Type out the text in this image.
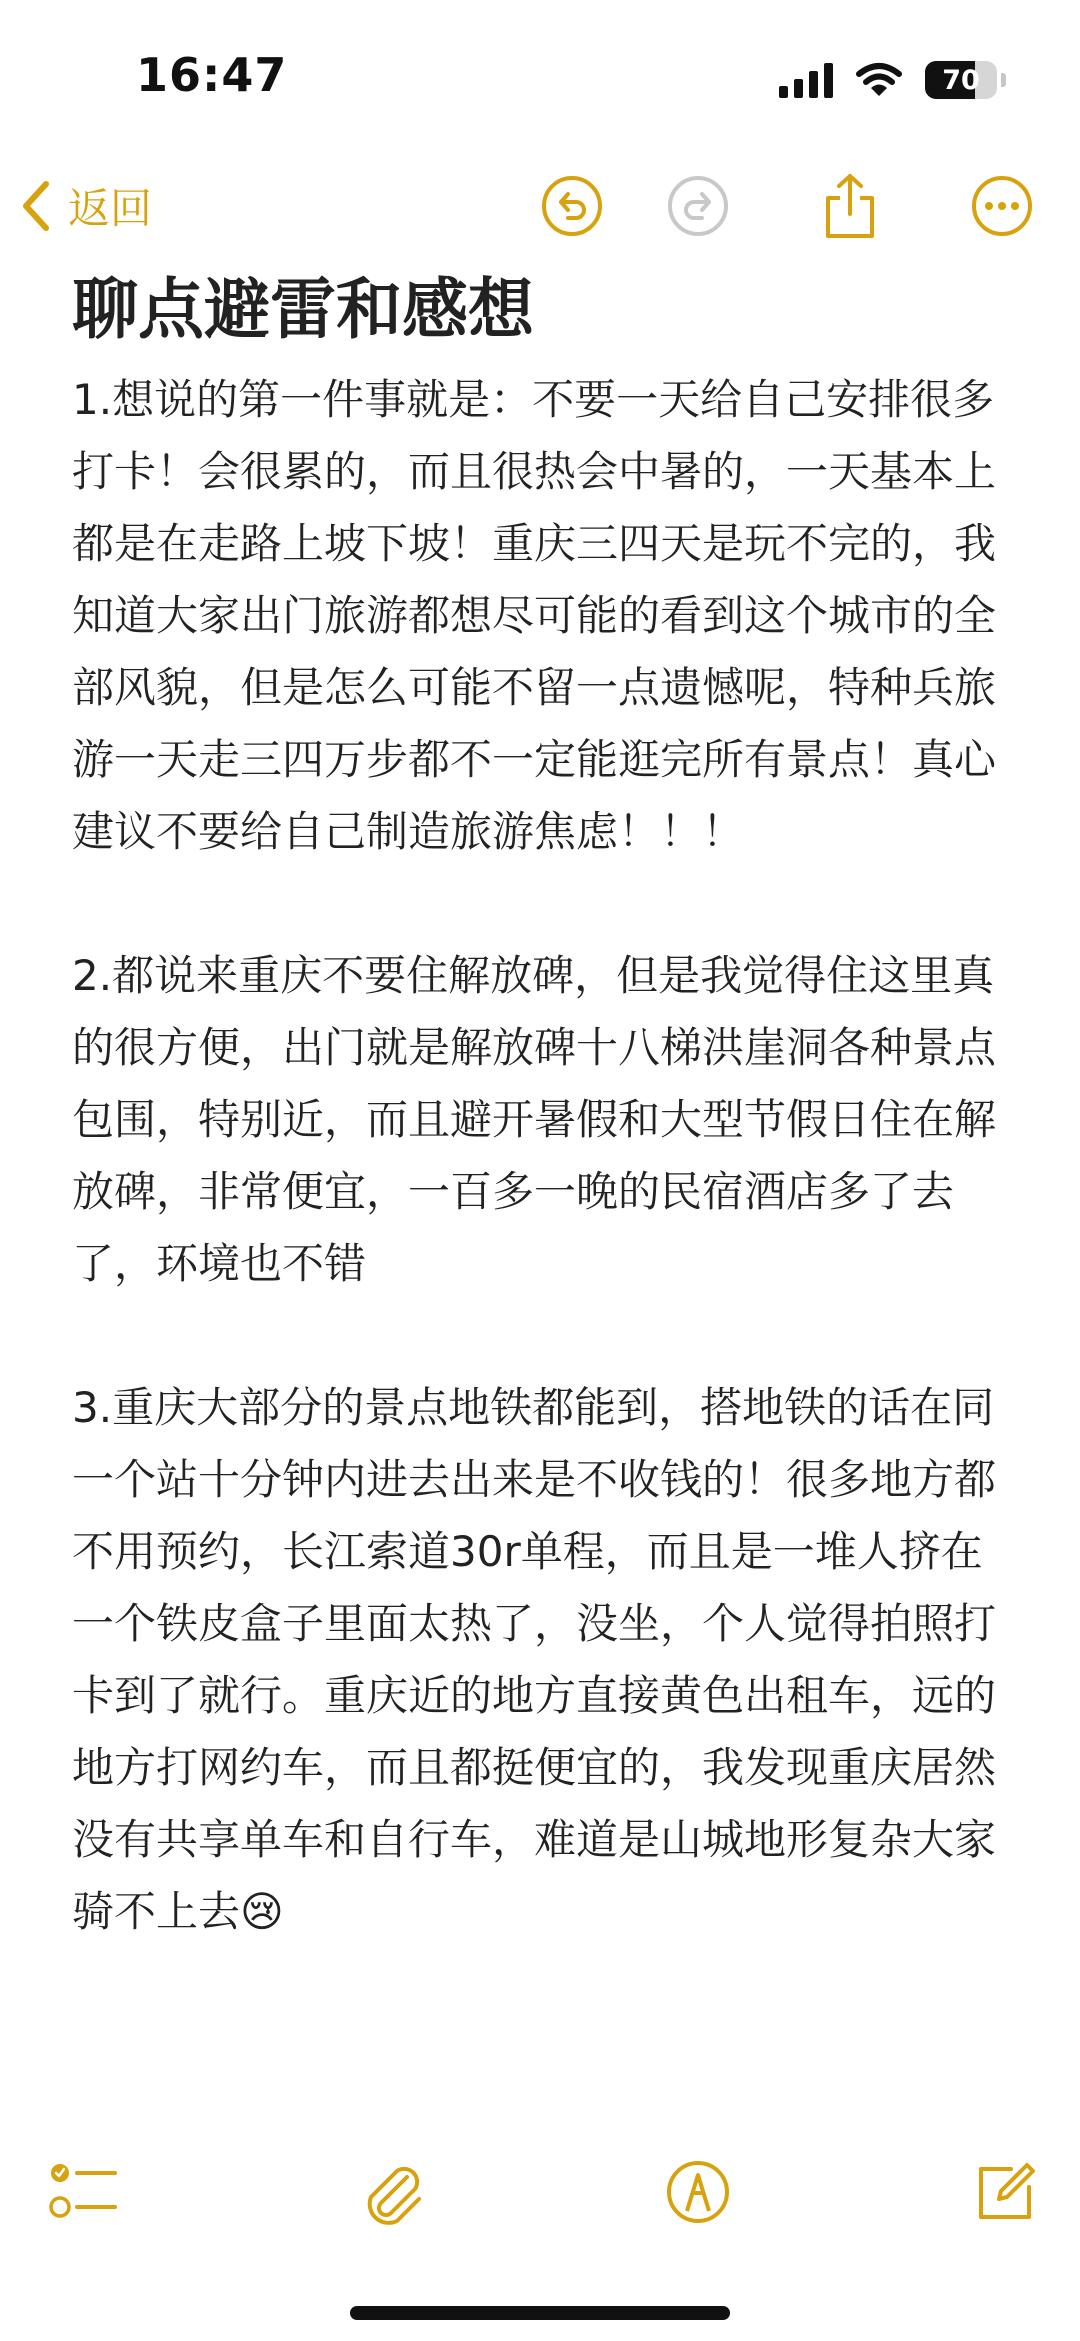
16:47	70
返回
聊点避雷和感想

1.想说的第一件事就是：不要一天给自己安排很多打卡！会很累的，而且很热会中暑的，一天基本上都是在走路上坡下坡！重庆三四天是玩不完的，我知道大家出门旅游都想尽可能的看到这个城市的全部风貌，但是怎么可能不留一点遗憾呢，特种兵旅游一天走三四万步都不一定能逛完所有景点！真心建议不要给自己制造旅游焦虑！！！

2.都说来重庆不要住解放碑，但是我觉得住这里真的很方便，出门就是解放碑十八梯洪崖洞各种景点包围，特别近，而且避开暑假和大型节假日住在解放碑，非常便宜，一百多一晚的民宿酒店多了去了，环境也不错

3.重庆大部分的景点地铁都能到，搭地铁的话在同一个站十分钟内进去出来是不收钱的！很多地方都不用预约，长江索道30r单程，而且是一堆人挤在一个铁皮盒子里面太热了，没坐，个人觉得拍照打卡到了就行。重庆近的地方直接黄色出租车，远的地方打网约车，而且都挺便宜的，我发现重庆居然没有共享单车和自行车，难道是山城地形复杂大家骑不上去😢
